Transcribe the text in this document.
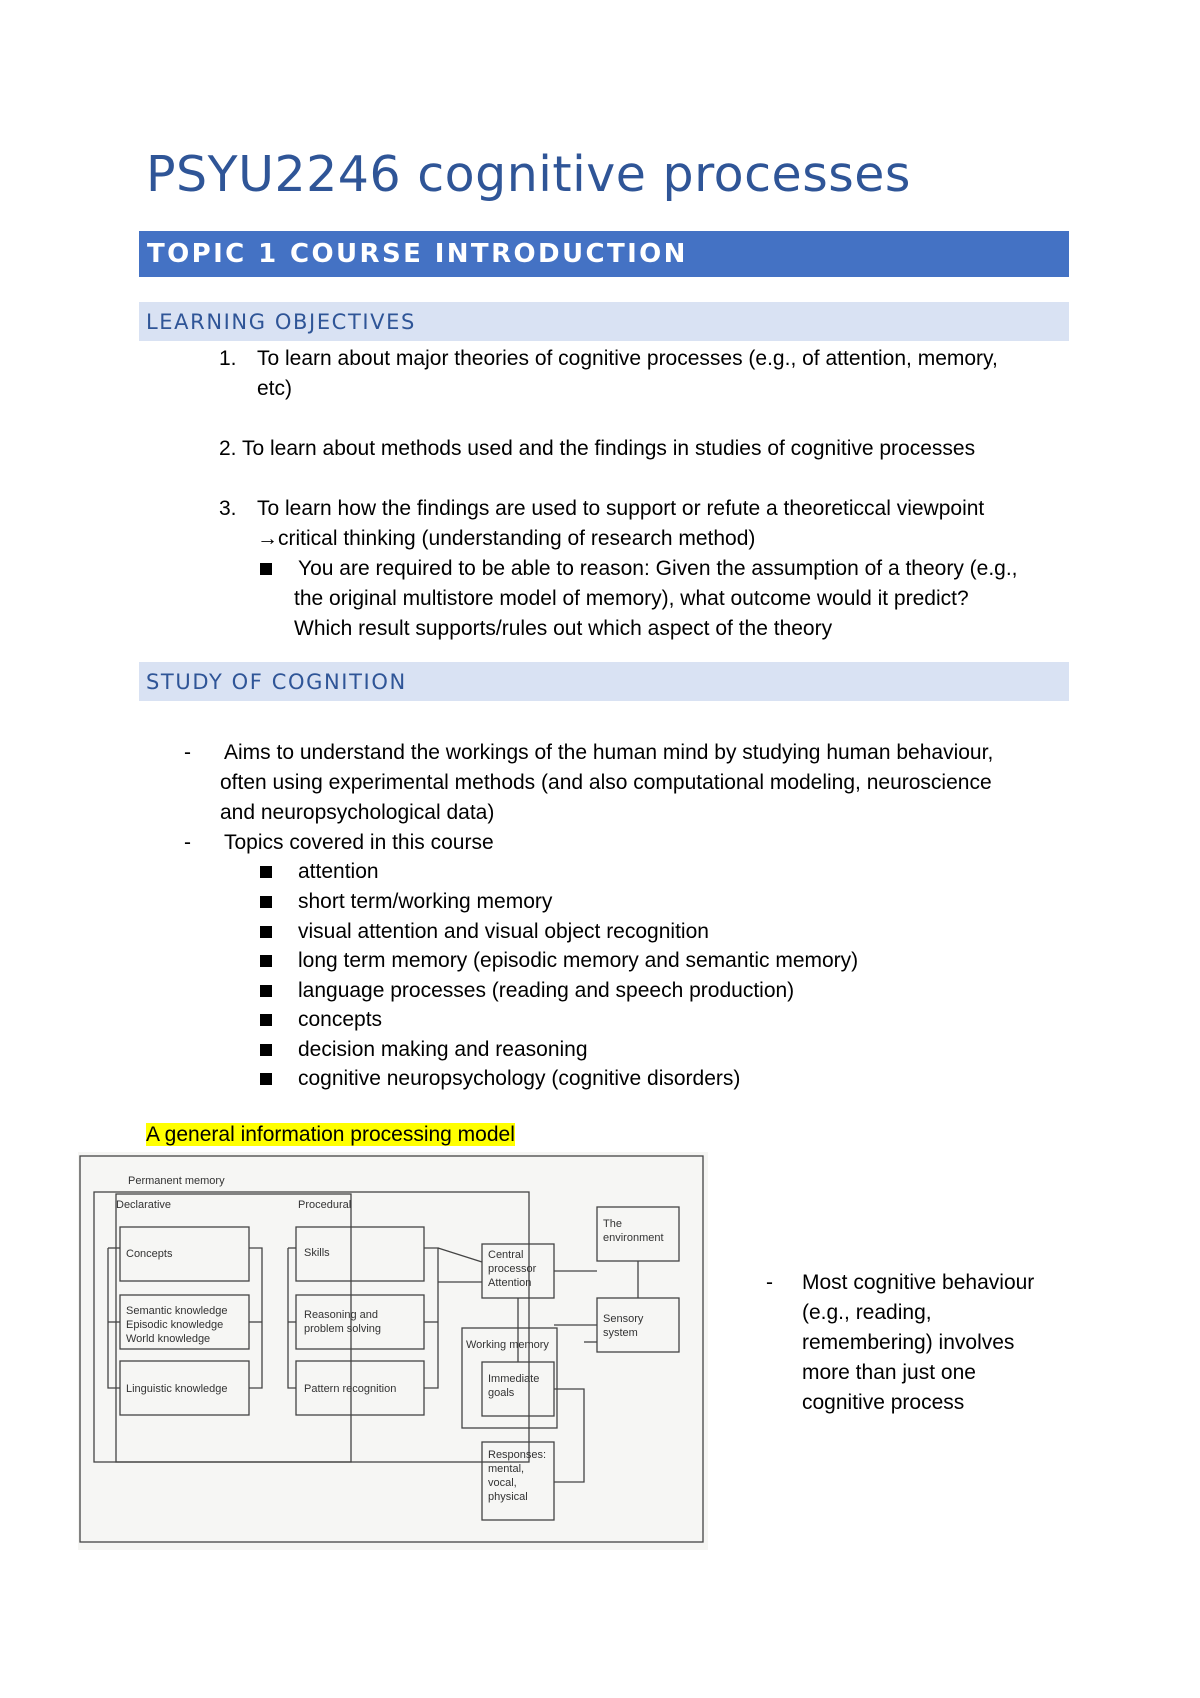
PSYU2246 cognitive processes
TOPIC 1 COURSE INTRODUCTION
LEARNING OBJECTIVES
1. To learn about major theories of cognitive processes (e.g., of attention, memory,

etc)

2. To learn about methods used and the findings in studies of cognitive processes

3. To learn how the findings are used to support or refute a theoreticcal viewpoint

→critical thinking (understanding of research method)

You are required to be able to reason: Given the assumption of a theory (e.g.,

the original multistore model of memory), what outcome would it predict?

Which result supports/rules out which aspect of the theory

STUDY OF COGNITION
- Aims to understand the workings of the human mind by studying human behaviour,

often using experimental methods (and also computational modeling, neuroscience

and neuropsychological data)

- Topics covered in this course

attention

short term/working memory

visual attention and visual object recognition

long term memory (episodic memory and semantic memory)

language processes (reading and speech production)

concepts

decision making and reasoning

cognitive neuropsychology (cognitive disorders)

A general information processing model

Permanent memory
Declarative	Procedural
Concepts
Semantic knowledge
Episodic knowledge
World knowledge
Linguistic knowledge
Skills
Reasoning and
problem solving
Pattern recognition
Central
processor
Attention
Working memory
Immediate
goals
Responses:
mental,
vocal,
physical
The
environment
Sensory
system
- Most cognitive behaviour

(e.g., reading,

remembering) involves

more than just one

cognitive process
